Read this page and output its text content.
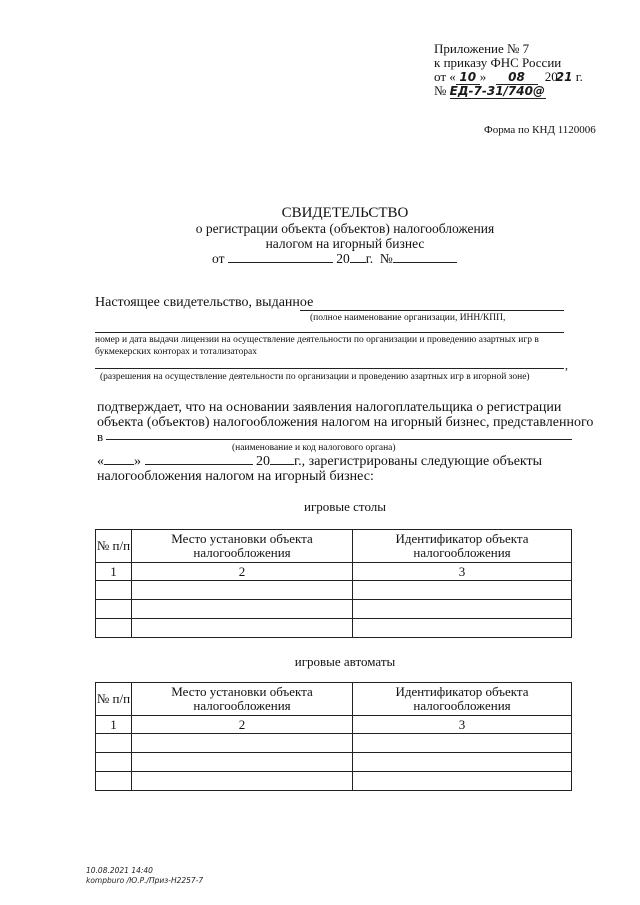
Приложение № 7
к приказу ФНС России
от « 10 » 08 2021 г.
№ ЕД-7-31/740@
Форма по КНД 1120006
СВИДЕТЕЛЬСТВО
о регистрации объекта (объектов) налогообложения
налогом на игорный бизнес
от	20 г. №
Настоящее свидетельство, выданное
(полное наименование организации, ИНН/КПП,
номер и дата выдачи лицензии на осуществление деятельности по организации и проведению азартных игр в
букмекерских конторах и тотализаторах
,
(разрешения на осуществление деятельности по организации и проведению азартных игр в игорной зоне)
подтверждает, что на основании заявления налогоплательщика о регистрации
объекта (объектов) налогообложения налогом на игорный бизнес, представленного
в
(наименование и код налогового органа)
« »	20 г., зарегистрированы следующие объекты
налогообложения налогом на игорный бизнес:
игровые столы
№ п/п	Место установки объекта налогообложения	Идентификатор объекта налогообложения
1	2	3

игровые автоматы
№ п/п	Место установки объекта налогообложения	Идентификатор объекта налогообложения
1	2	3

10.08.2021 14:40
kompburo /Ю.Р./Приз-Н2257-7
